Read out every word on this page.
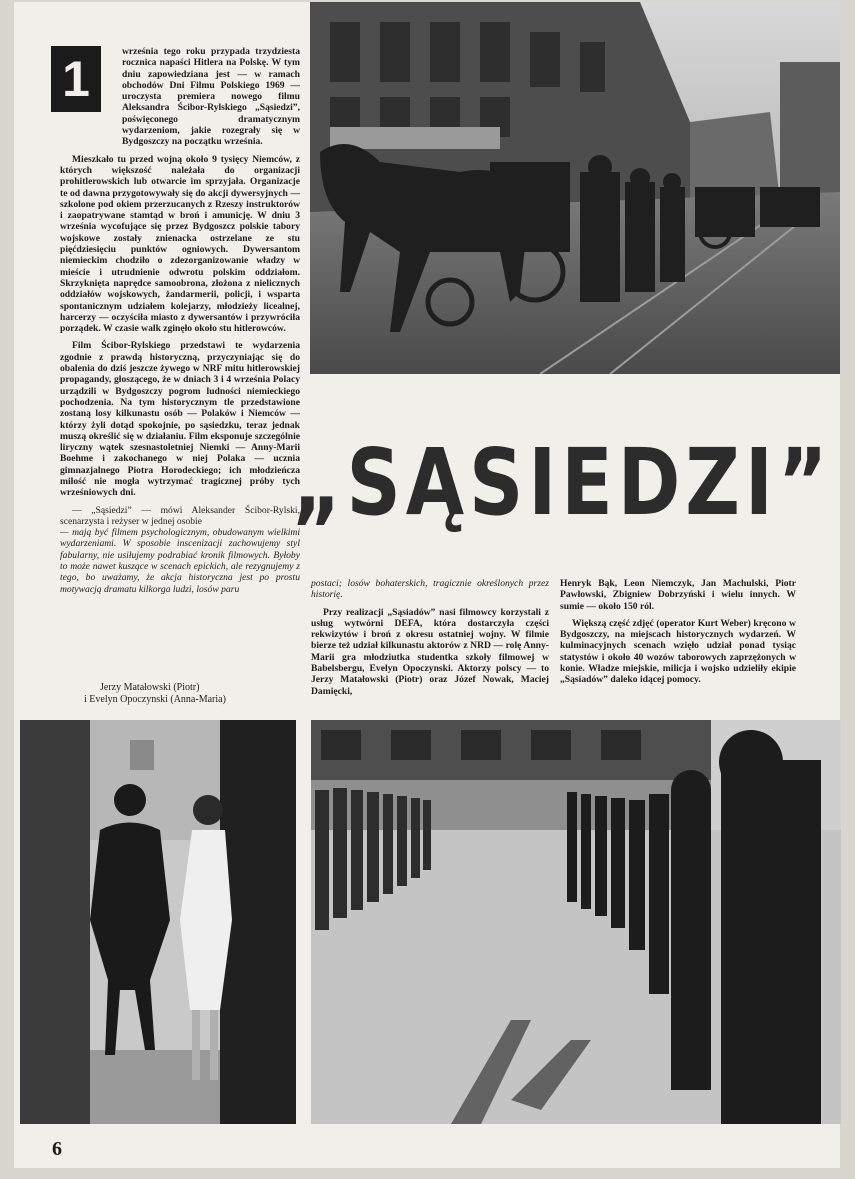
1	września tego roku przypada trzydziesta rocznica napaści Hitlera na Polskę. W tym dniu zapowiedziana jest — w ramach obchodów Dni Filmu Polskiego 1969 — uroczysta premiera nowego filmu Aleksandra Ścibor-Rylskiego „Sąsiedzi”, poświęconego dramatycznym wydarzeniom, jakie rozegrały się w Bydgoszczy na początku września.

Mieszkało tu przed wojną około 9 tysięcy Niemców, z których większość należała do organizacji prohitlerowskich lub otwarcie im sprzyjała. Organizacje te od dawna przygotowywały się do akcji dywersyjnych — szkolone pod okiem przerzucanych z Rzeszy instruktorów i zaopatrywane stamtąd w broń i amunicję. W dniu 3 września wycofujące się przez Bydgoszcz polskie tabory wojskowe zostały znienacka ostrzelane ze stu pięćdziesięciu punktów ogniowych. Dywersantom niemieckim chodziło o zdezorganizowanie władzy w mieście i utrudnienie odwrotu polskim oddziałom. Skrzyknięta naprędce samoobrona, złożona z nielicznych oddziałów wojskowych, żandarmerii, policji, i wsparta spontanicznym udziałem kolejarzy, młodzieży licealnej, harcerzy — oczyściła miasto z dywersantów i przywróciła porządek. W czasie walk zginęło około stu hitlerowców.

Film Ścibor-Rylskiego przedstawi te wydarzenia zgodnie z prawdą historyczną, przyczyniając się do obalenia do dziś jeszcze żywego w NRF mitu hitlerowskiej propagandy, głoszącego, że w dniach 3 i 4 września Polacy urządzili w Bydgoszczy pogrom ludności niemieckiego pochodzenia. Na tym historycznym tle przedstawione zostaną losy kilkunastu osób — Polaków i Niemców — którzy żyli dotąd spokojnie, po sąsiedzku, teraz jednak muszą określić się w działaniu. Film eksponuje szczególnie liryczny wątek szesnastoletniej Niemki — Anny-Marii Boehme i zakochanego w niej Polaka — ucznia gimnazjalnego Piotra Horodeckiego; ich młodzieńcza miłość nie mogła wytrzymać tragicznej próby tych wrześniowych dni.

— „Sąsiedzi” — mówi Aleksander Ścibor-Rylski, scenarzysta i reżyser w jednej osobie

— mają być filmem psychologicznym, obudowanym wielkimi wydarzeniami. W sposobie inscenizacji zachowujemy styl fabularny, nie usiłujemy podrabiać kronik filmowych. Byłoby to może nawet kuszące w scenach epickich, ale rezygnujemy z tego, bo uważamy, że akcja historyczna jest po prostu motywacją dramatu kilkorga ludzi, losów paru

„SĄSIEDZI”

postaci; losów bohaterskich, tragicznie określonych przez historię.

Przy realizacji „Sąsiadów” nasi filmowcy korzystali z usług wytwórni DEFA, która dostarczyła części rekwizytów i broń z okresu ostatniej wojny. W filmie bierze też udział kilkunastu aktorów z NRD — rolę Anny-Marii gra młodziutka studentka szkoły filmowej w Babelsbergu, Evelyn Opoczynski. Aktorzy polscy — to Jerzy Matałowski (Piotr) oraz Józef Nowak, Maciej Damięcki,

Henryk Bąk, Leon Niemczyk, Jan Machulski, Piotr Pawłowski, Zbigniew Dobrzyński i wielu innych. W sumie — około 150 ról.

Większą część zdjęć (operator Kurt Weber) kręcono w Bydgoszczy, na miejscach historycznych wydarzeń. W kulminacyjnych scenach wzięło udział ponad tysiąc statystów i około 40 wozów taborowych zaprzężonych w konie. Władze miejskie, milicja i wojsko udzieliły ekipie „Sąsiadów” daleko idącej pomocy.

Jerzy Matałowski (Piotr)
i Evelyn Opoczynski (Anna-Maria)
6
